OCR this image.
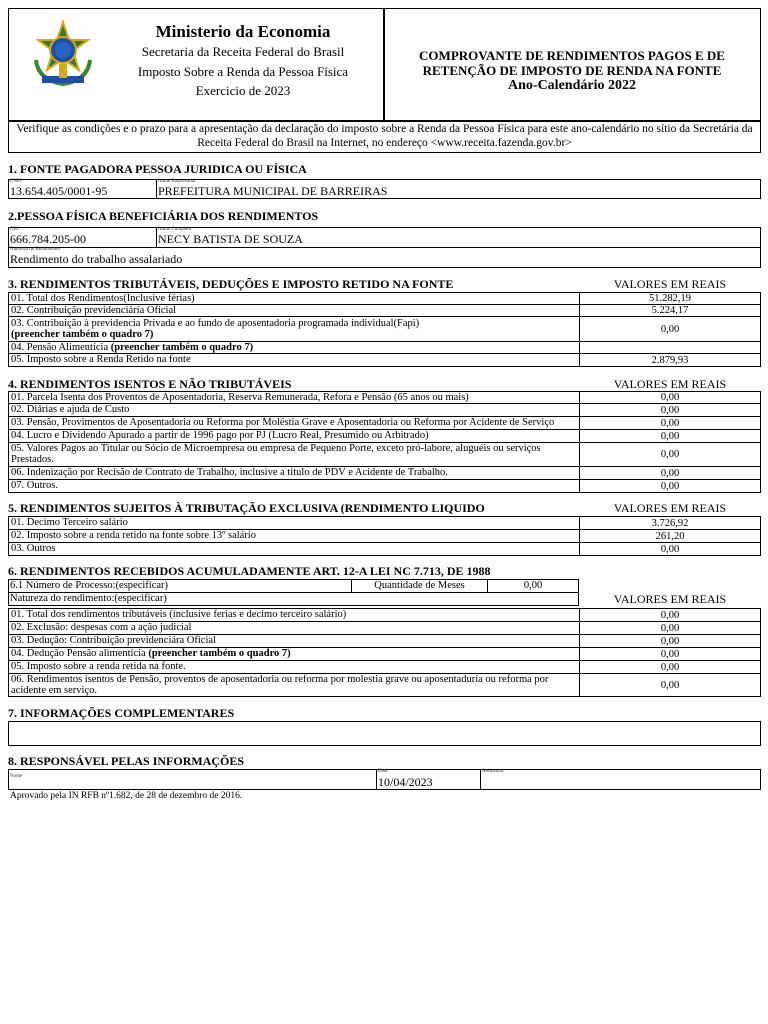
Ministerio da Economia
Secretaria da Receita Federal do Brasil
Imposto Sobre a Renda da Pessoa Física
Exercicio de 2023
COMPROVANTE DE RENDIMENTOS PAGOS E DE
RETENÇÃO DE IMPOSTO DE RENDA NA FONTE
Ano-Calendário 2022
Verifique as condições e o prazo para a apresentação da declaração do imposto sobre a Renda da Pessoa Física para este ano-calendário no sítio da Secretária da
Receita Federal do Brasil na Internet, no endereço <www.receita.fazenda.gov.br>
1. FONTE PAGADORA PESSOA JURIDICA OU FÍSICA
CNPJ
13.654.405/0001-95
Nome Empresarial
PREFEITURA MUNICIPAL DE BARREIRAS
2.PESSOA FÍSICA BENEFICIÁRIA DOS RENDIMENTOS
CPF
666.784.205-00
Nome Completo
NECY BATISTA DE SOUZA
Natureza do Rendimento
Rendimento do trabalho assalariado
3. RENDIMENTOS TRIBUTÁVEIS, DEDUÇÕES E IMPOSTO RETIDO NA FONTE	VALORES EM REAIS
01. Total dos Rendimentos(Inclusive férias)	51.282,19
02. Contribuição previdenciária Oficial	5.224,17
03. Contribuição à previdencia Privada e ao fundo de aposentadoria programada individual(Fapi)
(preencher também o quadro 7)	0,00
04. Pensão Alimentícia (preencher também o quadro 7)
05. Imposto sobre a Renda Retido na fonte	2.879,93
4. RENDIMENTOS ISENTOS E NÃO TRIBUTÁVEIS	VALORES EM REAIS
01. Parcela Isenta dos Proventos de Aposentadoria, Reserva Remunerada, Refora e Pensão (65 anos ou mais)	0,00
02. Diárias e ajuda de Custo	0,00
03. Pensão, Provimentos de Aposentadoria ou Reforma por Moléstia Grave e Aposentadoria ou Reforma por Acidente de Serviço	0,00
04. Lucro e Dividendo Apurado a partir de 1996 pago por PJ (Lucro Real, Presumido ou Arbitrado)	0,00
05. Valores Pagos ao Titular ou Sócio de Microempresa ou empresa de Pequeno Porte, exceto pró-labore, aluguéis ou serviços
Prestados.	0,00
06. Indenização por Recisão de Contrato de Trabalho, inclusive a titulo de PDV e Acidente de Trabalho.	0,00
07. Outros.	0,00
5. RENDIMENTOS SUJEITOS À TRIBUTAÇÃO EXCLUSIVA (RENDIMENTO LIQUIDO	VALORES EM REAIS
01. Decimo Terceiro salário	3.726,92
02. Imposto sobre a renda retido na fonte sobre 13º salário	261,20
03. Outros	0,00
6. RENDIMENTOS RECEBIDOS ACUMULADAMENTE ART. 12-A LEI NC 7.713, DE 1988
6.1 Número de Processo:(especificar)	Quantidade de Meses	0,00
Natureza do rendimento:(especificar)	VALORES EM REAIS
01. Total dos rendimentos tributáveis (inclusive ferias e decimo terceiro salário)	0,00
02. Exclusão: despesas com a ação judicial	0,00
03. Dedução: Contribuição previdenciára Oficial	0,00
04. Dedução Pensão alimentícia (preencher também o quadro 7)	0,00
05. Imposto sobre a renda retida na fonte.	0,00
06. Rendimentos isentos de Pensão, proventos de aposentadoria ou reforma por molestia grave ou aposentaduria ou reforma por
acidente em serviço.	0,00
7. INFORMAÇÕES COMPLEMENTARES
8. RESPONSÁVEL PELAS INFORMAÇÕES
Nome
Data
10/04/2023
Assinatura
Aprovado pela IN RFB nº1.682, de 28 de dezembro de 2016.
